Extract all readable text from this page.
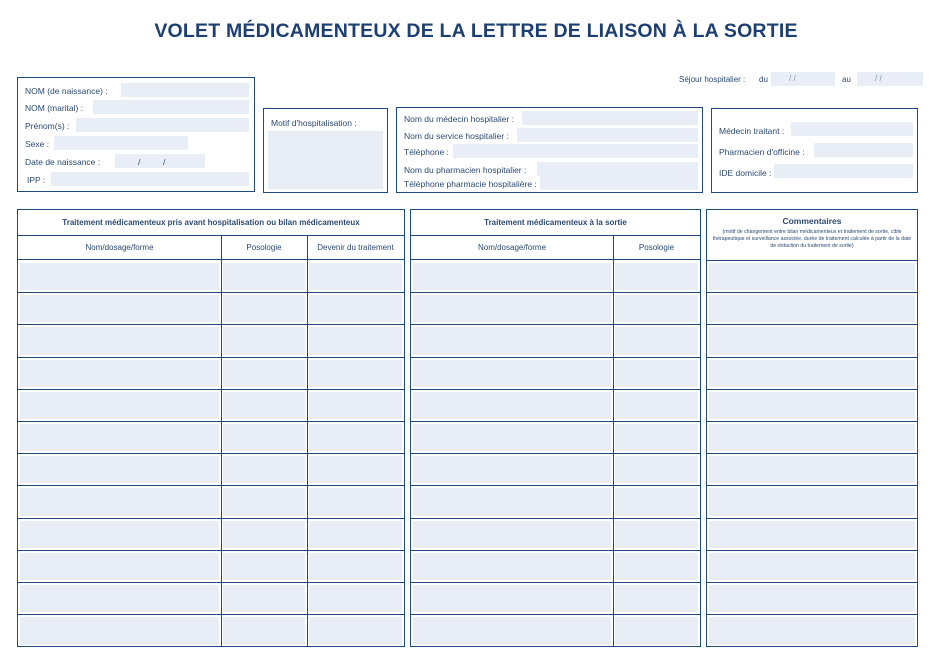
VOLET MÉDICAMENTEUX DE LA LETTRE DE LIAISON À LA SORTIE
Séjour hospitalier : du	/ /	au	/ /
NOM (de naissance) :
NOM (marital) :
Prénom(s) :
Sexe :
Date de naissance :	/	/
IPP :
Motif d'hospitalisation :	Nom du médecin hospitalier :
Nom du service hospitalier :
Téléphone :
Nom du pharmacien hospitalier :
Téléphone pharmacie hospitalière :
Médecin traitant :
Pharmacien d'officine :
IDE domicile :
Traitement médicamenteux pris avant hospitalisation ou bilan médicamenteux
Nom/dosage/forme	Posologie	Devenir du traitement
Traitement médicamenteux à la sortie
Nom/dosage/forme	Posologie
Commentaires
(motif de changement entre bilan médicamenteux et traitement de sortie, cible thérapeutique et surveillance associée, durée de traitement calculée à partir de la date de rédaction du traitement de sortie)
